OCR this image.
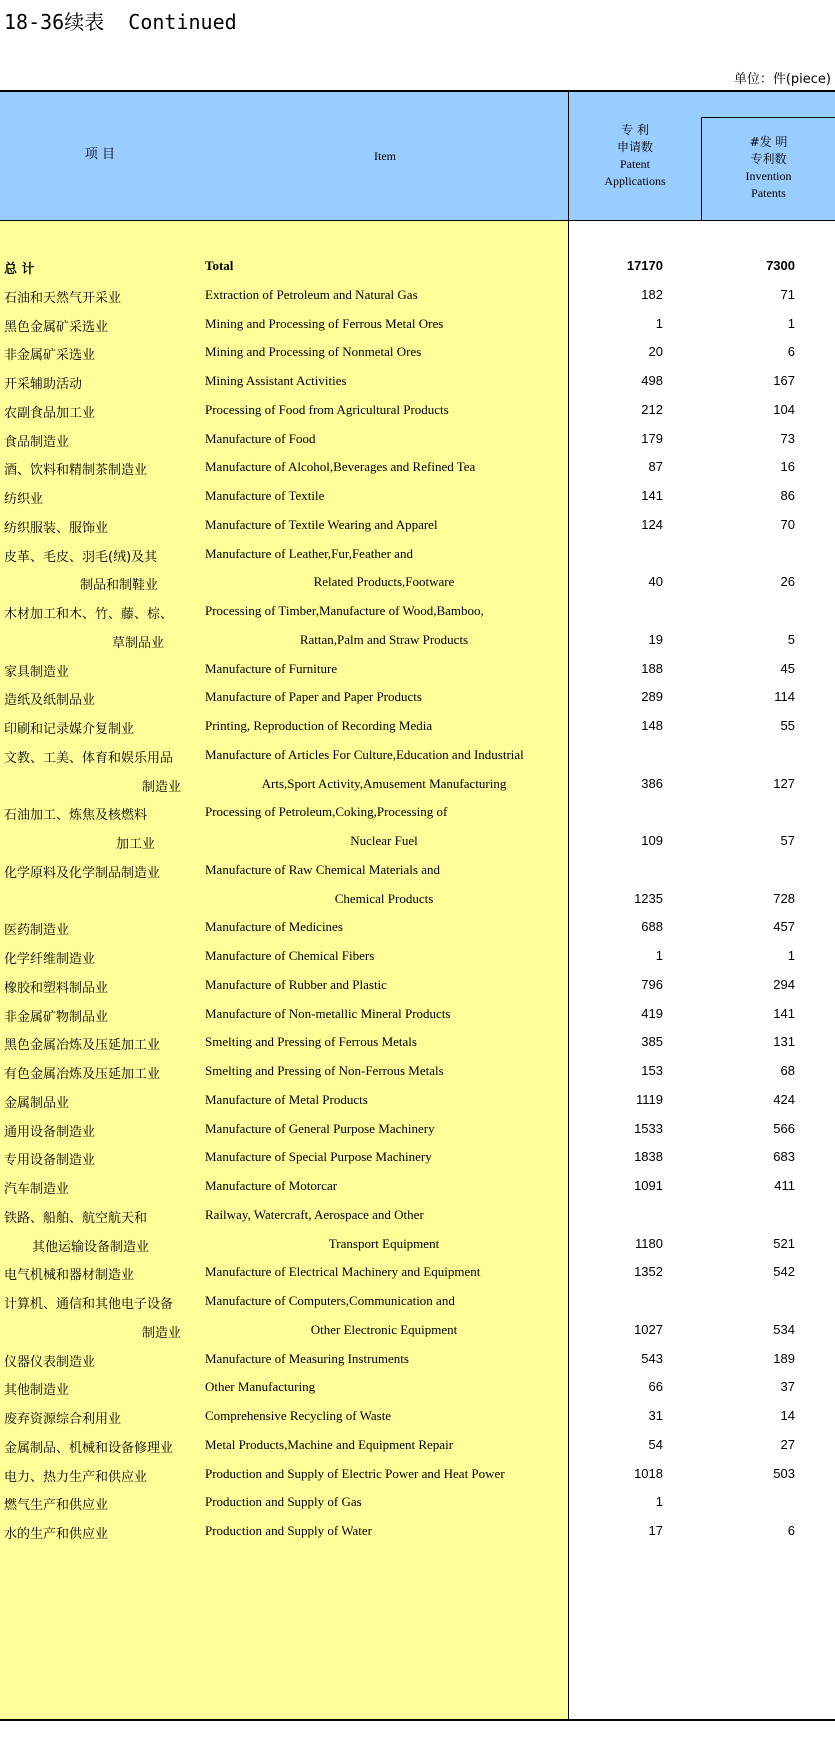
18-36续表  Continued
单位：件(piece)
项 目	Item
专 利
申请数
Patent
Applications
#发 明
专利数
Invention
Patents
总 计	Total	17170	7300
石油和天然气开采业	Extraction of Petroleum and Natural Gas	182	71
黑色金属矿采选业	Mining and Processing of Ferrous Metal Ores	1	1
非金属矿采选业	Mining and Processing of Nonmetal Ores	20	6
开采辅助活动	Mining Assistant Activities	498	167
农副食品加工业	Processing of Food from Agricultural Products	212	104
食品制造业	Manufacture of Food	179	73
酒、饮料和精制茶制造业	Manufacture of Alcohol,Beverages and Refined Tea	87	16
纺织业	Manufacture of Textile	141	86
纺织服装、服饰业	Manufacture of Textile Wearing and Apparel	124	70
皮革、毛皮、羽毛(绒)及其	Manufacture of Leather,Fur,Feather and
制品和制鞋业	Related Products,Footware	40	26
木材加工和木、竹、藤、棕、 Processing of Timber,Manufacture of Wood,Bamboo,
草制品业	Rattan,Palm and Straw Products	19	5
家具制造业	Manufacture of Furniture	188	45
造纸及纸制品业	Manufacture of Paper and Paper Products	289	114
印刷和记录媒介复制业	Printing, Reproduction of Recording Media	148	55
文教、工美、体育和娱乐用品 Manufacture of Articles For Culture,Education and Industrial
制造业	Arts,Sport Activity,Amusement Manufacturing	386	127
石油加工、炼焦及核燃料	Processing of Petroleum,Coking,Processing of
加工业	Nuclear Fuel	109	57
化学原料及化学制品制造业	Manufacture of Raw Chemical Materials and
Chemical Products	1235	728
医药制造业	Manufacture of Medicines	688	457
化学纤维制造业	Manufacture of Chemical Fibers	1	1
橡胶和塑料制品业	Manufacture of Rubber and Plastic	796	294
非金属矿物制品业	Manufacture of Non-metallic Mineral Products	419	141
黑色金属冶炼及压延加工业	Smelting and Pressing of Ferrous Metals	385	131
有色金属冶炼及压延加工业	Smelting and Pressing of Non-Ferrous Metals	153	68
金属制品业	Manufacture of Metal Products	1119	424
通用设备制造业	Manufacture of General Purpose Machinery	1533	566
专用设备制造业	Manufacture of Special Purpose Machinery	1838	683
汽车制造业	Manufacture of Motorcar	1091	411
铁路、船舶、航空航天和	Railway, Watercraft, Aerospace and Other
其他运输设备制造业	Transport Equipment	1180	521
电气机械和器材制造业	Manufacture of Electrical Machinery and Equipment	1352	542
计算机、通信和其他电子设备 Manufacture of Computers,Communication and
制造业	Other Electronic Equipment	1027	534
仪器仪表制造业	Manufacture of Measuring Instruments	543	189
其他制造业	Other Manufacturing	66	37
废弃资源综合利用业	Comprehensive Recycling of Waste	31	14
金属制品、机械和设备修理业 Metal Products,Machine and Equipment Repair	54	27
电力、热力生产和供应业	Production and Supply of Electric Power and Heat Power	1018	503
燃气生产和供应业	Production and Supply of Gas	1
水的生产和供应业	Production and Supply of Water	17	6
